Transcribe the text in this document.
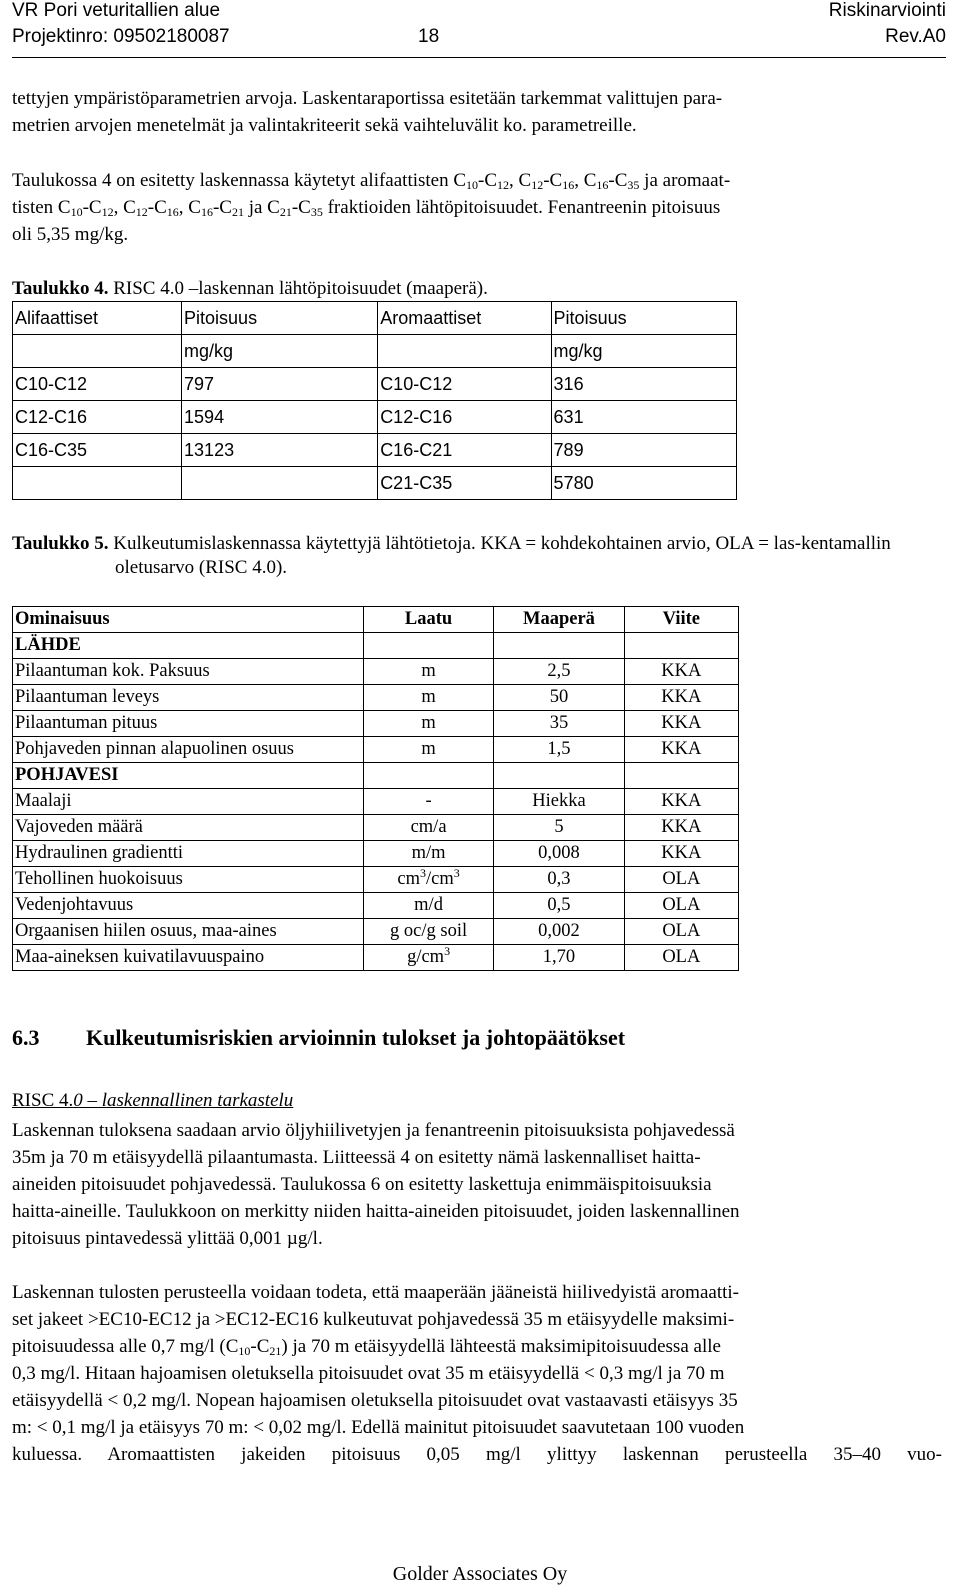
VR Pori veturitallien alue	Riskinarviointi
Projektinro: 09502180087	18	Rev.A0

tettyjen ympäristöparametrien arvoja. Laskentaraportissa esitetään tarkemmat valittujen para-

metrien arvojen menetelmät ja valintakriteerit sekä vaihteluvälit ko. parametreille.

Taulukossa 4 on esitetty laskennassa käytetyt alifaattisten $C_{10}-C_{12}$, $C_{12}-C_{16}$, $C_{16}-C_{35}$ ja aromaat-

tisten $C_{10}-C_{12}$, $C_{12}-C_{16}$, $C_{16}-C_{21}$ ja $C_{21}-C_{35}$ fraktioiden lähtöpitoisuudet. Fenantreenin pitoisuus

oli 5,35 mg/kg.

Taulukko 4. RISC 4.0 –laskennan lähtöpitoisuudet (maaperä).

Alifaattiset	Pitoisuus	Aromaattiset	Pitoisuus
	mg/kg		mg/kg
C10-C12	797	C10-C12	316
C12-C16	1594	C12-C16	631
C16-C35	13123	C16-C21	789
		C21-C35	5780

Taulukko 5. Kulkeutumislaskennassa käytettyjä lähtötietoja. KKA = kohdekohtainen arvio, OLA = las-kentamallin oletusarvo (RISC 4.0).

Ominaisuus	Laatu	Maaperä	Viite
LÄHDE			
Pilaantuman kok. Paksuus	m	2,5	KKA
Pilaantuman leveys	m	50	KKA
Pilaantuman pituus	m	35	KKA
Pohjaveden pinnan alapuolinen osuus	m	1,5	KKA
POHJAVESI			
Maalaji	-	Hiekka	KKA
Vajoveden määrä	cm/a	5	KKA
Hydraulinen gradientti	m/m	0,008	KKA
Tehollinen huokoisuus	$cm^3/cm^3$	0,3	OLA
Vedenjohtavuus	m/d	0,5	OLA
Orgaanisen hiilen osuus, maa-aines	g oc/g soil	0,002	OLA
Maa-aineksen kuivatilavuuspaino	$g/cm^3$	1,70	OLA
6.3 Kulkeutumisriskien arvioinnin tulokset ja johtopäätökset
RISC 4.0 – laskennallinen tarkastelu

Laskennan tuloksena saadaan arvio öljyhiilivetyjen ja fenantreenin pitoisuuksista pohjavedessä

35m ja 70 m etäisyydellä pilaantumasta. Liitteessä 4 on esitetty nämä laskennalliset haitta-

aineiden pitoisuudet pohjavedessä. Taulukossa 6 on esitetty laskettuja enimmäispitoisuuksia

haitta-aineille. Taulukkoon on merkitty niiden haitta-aineiden pitoisuudet, joiden laskennallinen

pitoisuus pintavedessä ylittää 0,001 µg/l.

Laskennan tulosten perusteella voidaan todeta, että maaperään jääneistä hiilivedyistä aromaatti-

set jakeet >EC10-EC12 ja >EC12-EC16 kulkeutuvat pohjavedessä 35 m etäisyydelle maksimi-

pitoisuudessa alle 0,7 mg/l $(C_{10}-C_{21})$ ja 70 m etäisyydellä lähteestä maksimipitoisuudessa alle

0,3 mg/l. Hitaan hajoamisen oletuksella pitoisuudet ovat 35 m etäisyydellä < 0,3 mg/l ja 70 m

etäisyydellä < 0,2 mg/l. Nopean hajoamisen oletuksella pitoisuudet ovat vastaavasti etäisyys 35

m: < 0,1 mg/l ja etäisyys 70 m: < 0,02 mg/l. Edellä mainitut pitoisuudet saavutetaan 100 vuoden

kuluessa. Aromaattisten jakeiden pitoisuus 0,05 mg/l ylittyy laskennan perusteella 35–40 vuo-

Golder Associates Oy
